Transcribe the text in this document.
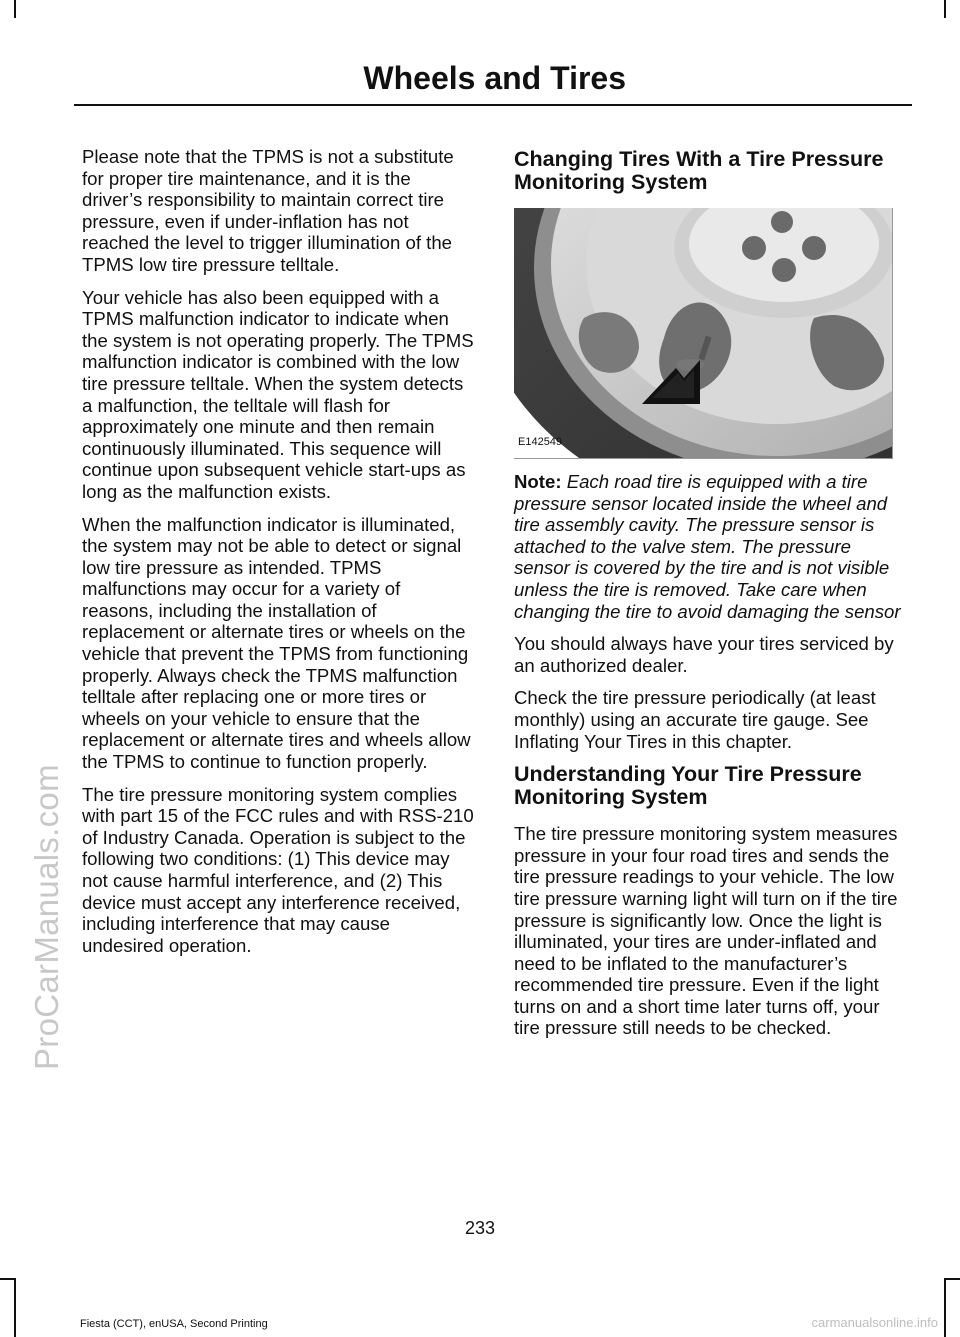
ProCarManuals.com
Wheels and Tires

Please note that the TPMS is not a substitute for proper tire maintenance, and it is the driver’s responsibility to maintain correct tire pressure, even if under-inflation has not reached the level to trigger illumination of the TPMS low tire pressure telltale.

Your vehicle has also been equipped with a TPMS malfunction indicator to indicate when the system is not operating properly. The TPMS malfunction indicator is combined with the low tire pressure telltale. When the system detects a malfunction, the telltale will flash for approximately one minute and then remain continuously illuminated. This sequence will continue upon subsequent vehicle start-ups as long as the malfunction exists.

When the malfunction indicator is illuminated, the system may not be able to detect or signal low tire pressure as intended. TPMS malfunctions may occur for a variety of reasons, including the installation of replacement or alternate tires or wheels on the vehicle that prevent the TPMS from functioning properly. Always check the TPMS malfunction telltale after replacing one or more tires or wheels on your vehicle to ensure that the replacement or alternate tires and wheels allow the TPMS to continue to function properly.

The tire pressure monitoring system complies with part 15 of the FCC rules and with RSS-210 of Industry Canada. Operation is subject to the following two conditions: (1) This device may not cause harmful interference, and (2) This device must accept any interference received, including interference that may cause undesired operation.

Changing Tires With a Tire Pressure Monitoring System
E142549

Note: Each road tire is equipped with a tire pressure sensor located inside the wheel and tire assembly cavity. The pressure sensor is attached to the valve stem. The pressure sensor is covered by the tire and is not visible unless the tire is removed. Take care when changing the tire to avoid damaging the sensor

You should always have your tires serviced by an authorized dealer.

Check the tire pressure periodically (at least monthly) using an accurate tire gauge. See Inflating Your Tires in this chapter.

Understanding Your Tire Pressure Monitoring System

The tire pressure monitoring system measures pressure in your four road tires and sends the tire pressure readings to your vehicle. The low tire pressure warning light will turn on if the tire pressure is significantly low. Once the light is illuminated, your tires are under-inflated and need to be inflated to the manufacturer’s recommended tire pressure. Even if the light turns on and a short time later turns off, your tire pressure still needs to be checked.

233
Fiesta (CCT), enUSA, Second Printing	carmanualsonline.info
